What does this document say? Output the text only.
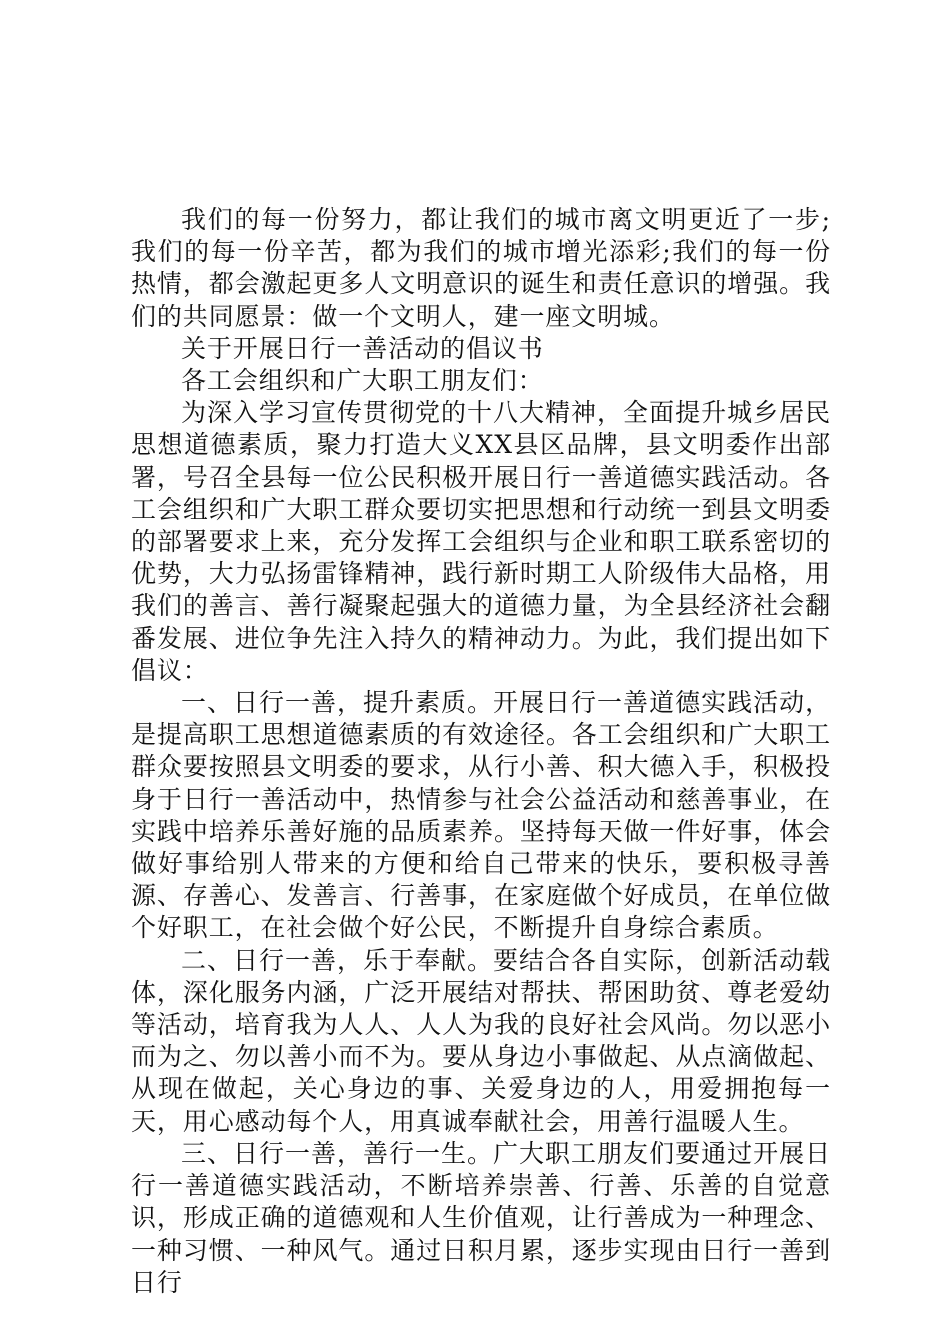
我们的每一份努力，都让我们的城市离文明更近了一步;我们的每一份辛苦，都为我们的城市增光添彩;我们的每一份热情，都会激起更多人文明意识的诞生和责任意识的增强。我们的共同愿景：做一个文明人，建一座文明城。

关于开展日行一善活动的倡议书

各工会组织和广大职工朋友们：

为深入学习宣传贯彻党的十八大精神，全面提升城乡居民思想道德素质，聚力打造大义XX县区品牌，县文明委作出部署，号召全县每一位公民积极开展日行一善道德实践活动。各工会组织和广大职工群众要切实把思想和行动统一到县文明委的部署要求上来，充分发挥工会组织与企业和职工联系密切的优势，大力弘扬雷锋精神，践行新时期工人阶级伟大品格，用我们的善言、善行凝聚起强大的道德力量，为全县经济社会翻番发展、进位争先注入持久的精神动力。为此，我们提出如下倡议：

一、日行一善，提升素质。开展日行一善道德实践活动，是提高职工思想道德素质的有效途径。各工会组织和广大职工群众要按照县文明委的要求，从行小善、积大德入手，积极投身于日行一善活动中，热情参与社会公益活动和慈善事业，在实践中培养乐善好施的品质素养。坚持每天做一件好事，体会做好事给别人带来的方便和给自己带来的快乐，要积极寻善源、存善心、发善言、行善事，在家庭做个好成员，在单位做个好职工，在社会做个好公民，不断提升自身综合素质。

二、日行一善，乐于奉献。要结合各自实际，创新活动载体，深化服务内涵，广泛开展结对帮扶、帮困助贫、尊老爱幼等活动，培育我为人人、人人为我的良好社会风尚。勿以恶小而为之、勿以善小而不为。要从身边小事做起、从点滴做起、从现在做起，关心身边的事、关爱身边的人，用爱拥抱每一天，用心感动每个人，用真诚奉献社会，用善行温暖人生。

三、日行一善，善行一生。广大职工朋友们要通过开展日行一善道德实践活动，不断培养崇善、行善、乐善的自觉意识，形成正确的道德观和人生价值观，让行善成为一种理念、一种习惯、一种风气。通过日积月累，逐步实现由日行一善到日行
